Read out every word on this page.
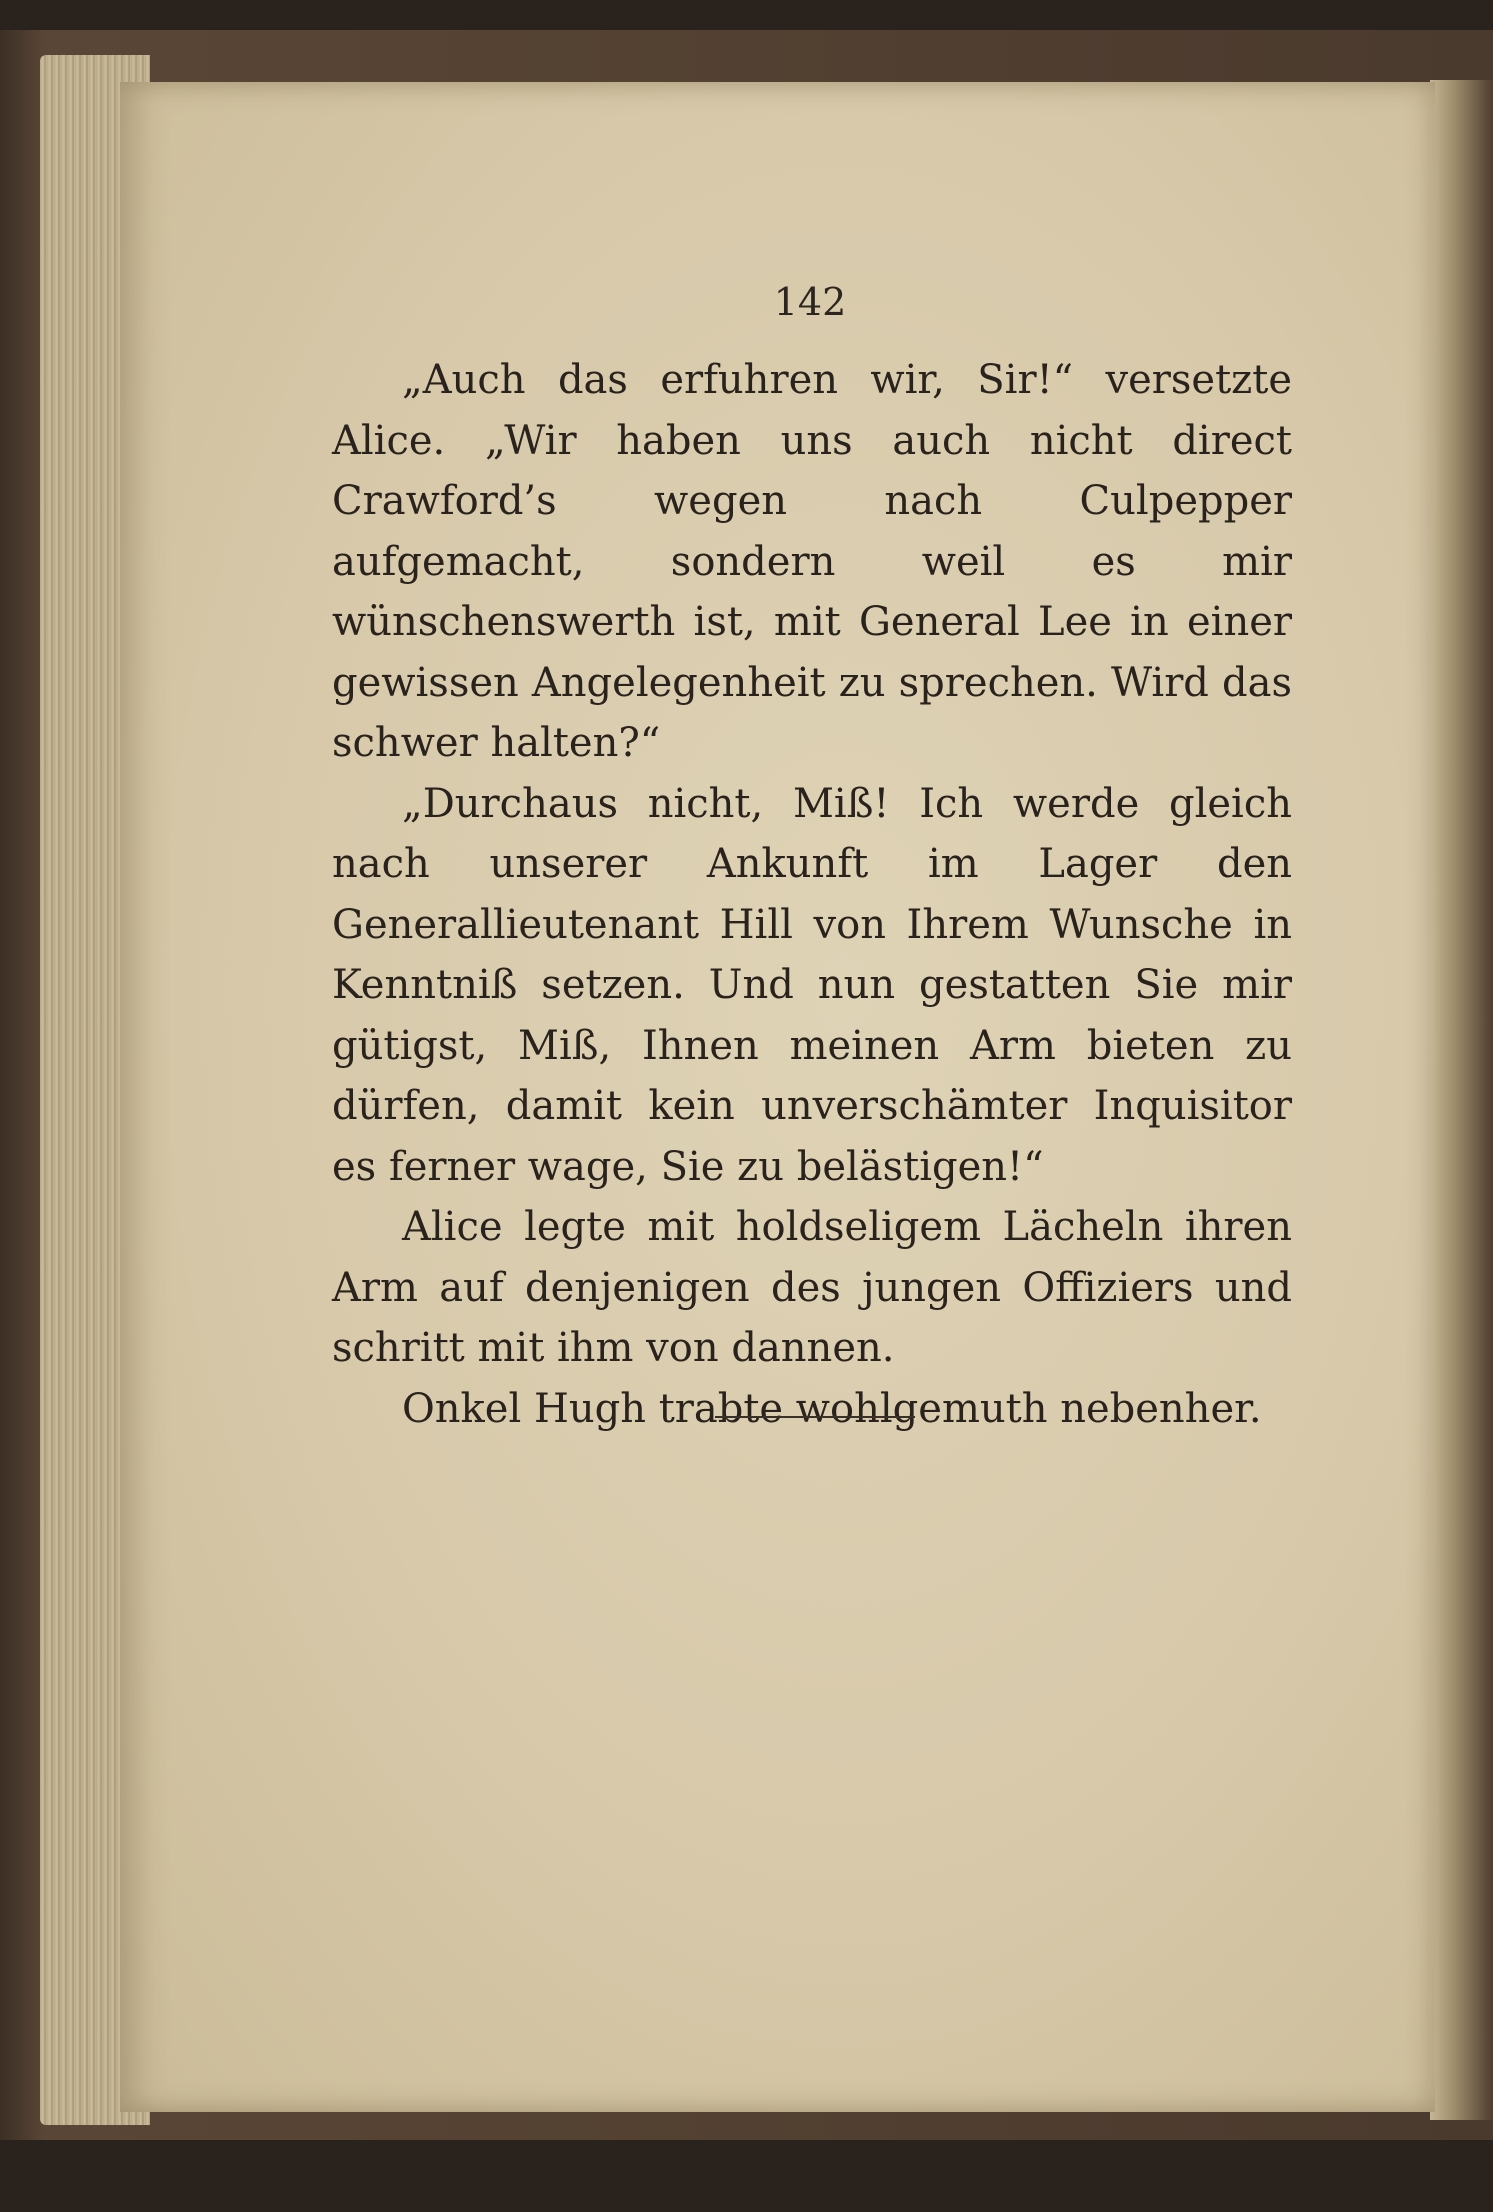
142

„Auch das erfuhren wir, Sir!“ versetzte Alice. „Wir haben uns auch nicht direct Crawford’s wegen nach Culpepper aufgemacht, sondern weil es mir wünschenswerth ist, mit General Lee in einer gewissen Angelegenheit zu sprechen. Wird das schwer halten?“

„Durchaus nicht, Miß! Ich werde gleich nach unserer Ankunft im Lager den Generallieutenant Hill von Ihrem Wunsche in Kenntniß setzen. Und nun gestatten Sie mir gütigst, Miß, Ihnen meinen Arm bieten zu dürfen, damit kein unverschämter Inquisitor es ferner wage, Sie zu belästigen!“

Alice legte mit holdseligem Lächeln ihren Arm auf denjenigen des jungen Offiziers und schritt mit ihm von dannen.

Onkel Hugh trabte wohlgemuth nebenher.
